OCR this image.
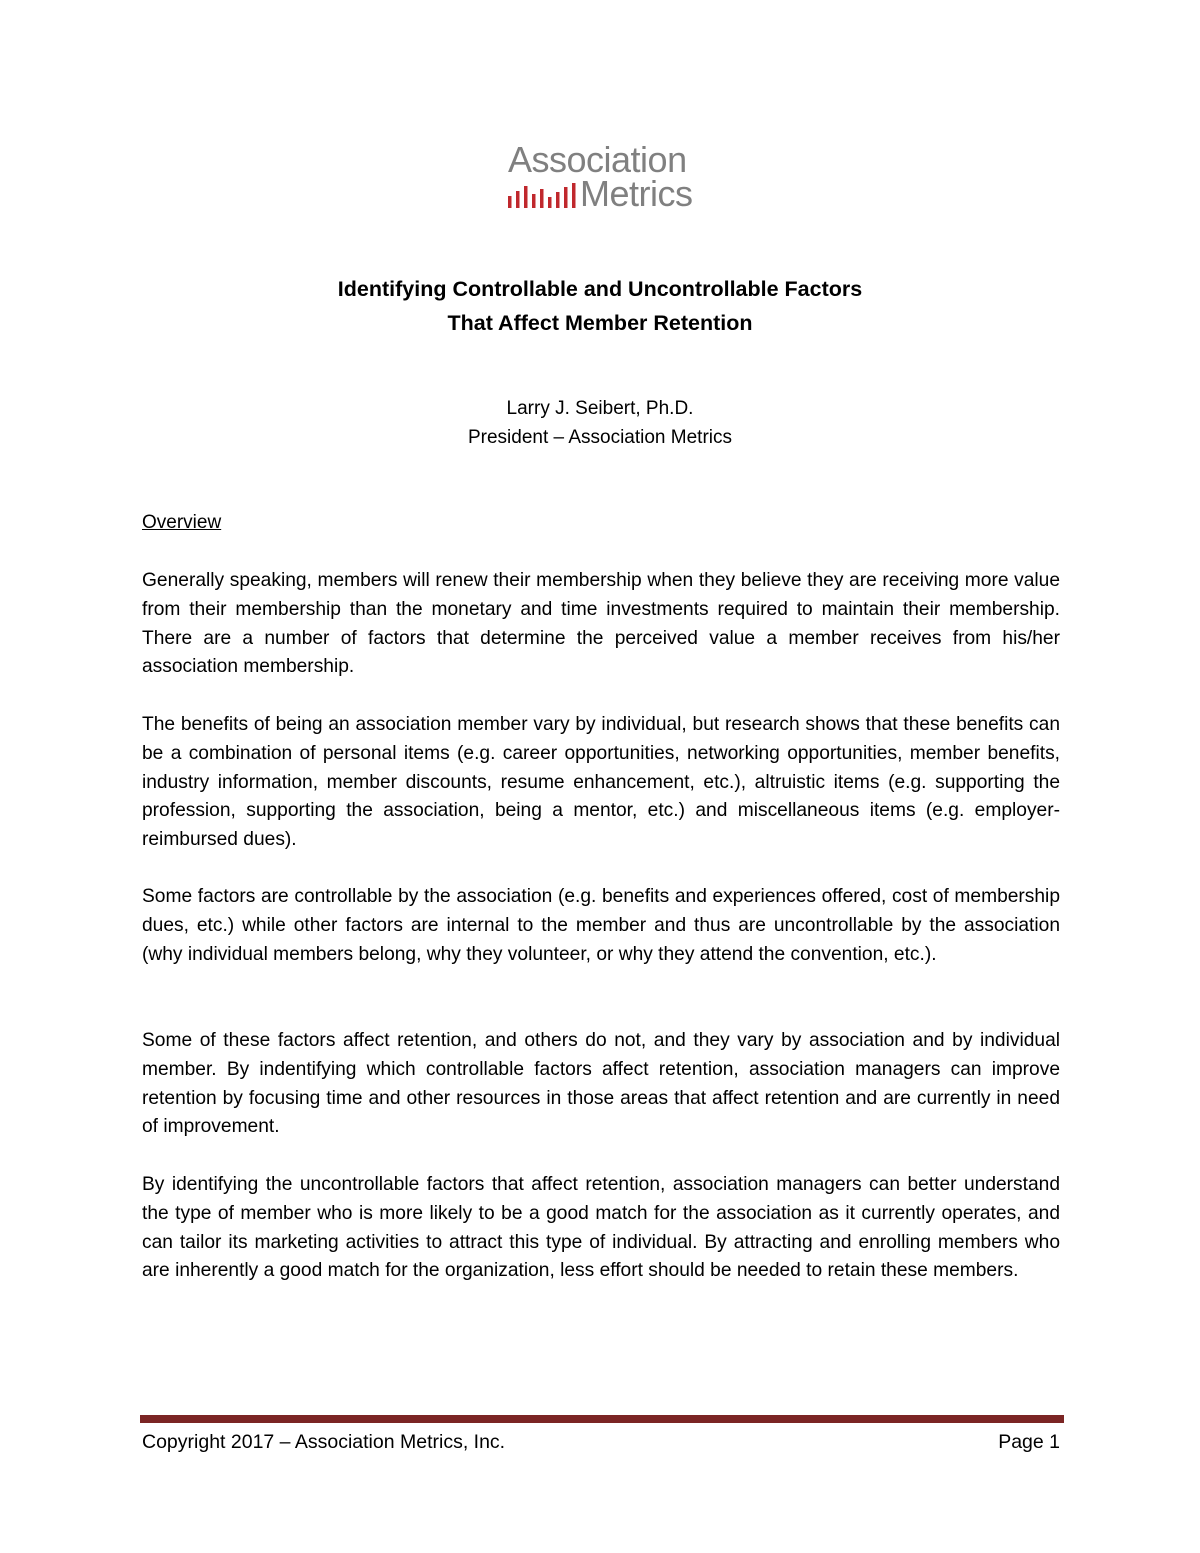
Association
Metrics
Identifying Controllable and Uncontrollable Factors
That Affect Member Retention
Larry J. Seibert, Ph.D.
President – Association Metrics
Overview

Generally speaking, members will renew their membership when they believe they are receiving more value from their membership than the monetary and time investments required to maintain their membership. There are a number of factors that determine the perceived value a member receives from his/her association membership.

The benefits of being an association member vary by individual, but research shows that these benefits can be a combination of personal items (e.g. career opportunities, networking opportunities, member benefits, industry information, member discounts, resume enhancement, etc.), altruistic items (e.g. supporting the profession, supporting the association, being a mentor, etc.) and miscellaneous items (e.g. employer-reimbursed dues).

Some factors are controllable by the association (e.g. benefits and experiences offered, cost of membership dues, etc.) while other factors are internal to the member and thus are uncontrollable by the association (why individual members belong, why they volunteer, or why they attend the convention, etc.).

Some of these factors affect retention, and others do not, and they vary by association and by individual member. By indentifying which controllable factors affect retention, association managers can improve retention by focusing time and other resources in those areas that affect retention and are currently in need of improvement.

By identifying the uncontrollable factors that affect retention, association managers can better understand the type of member who is more likely to be a good match for the association as it currently operates, and can tailor its marketing activities to attract this type of individual. By attracting and enrolling members who are inherently a good match for the organization, less effort should be needed to retain these members.

Copyright 2017 – Association Metrics, Inc.	Page 1
